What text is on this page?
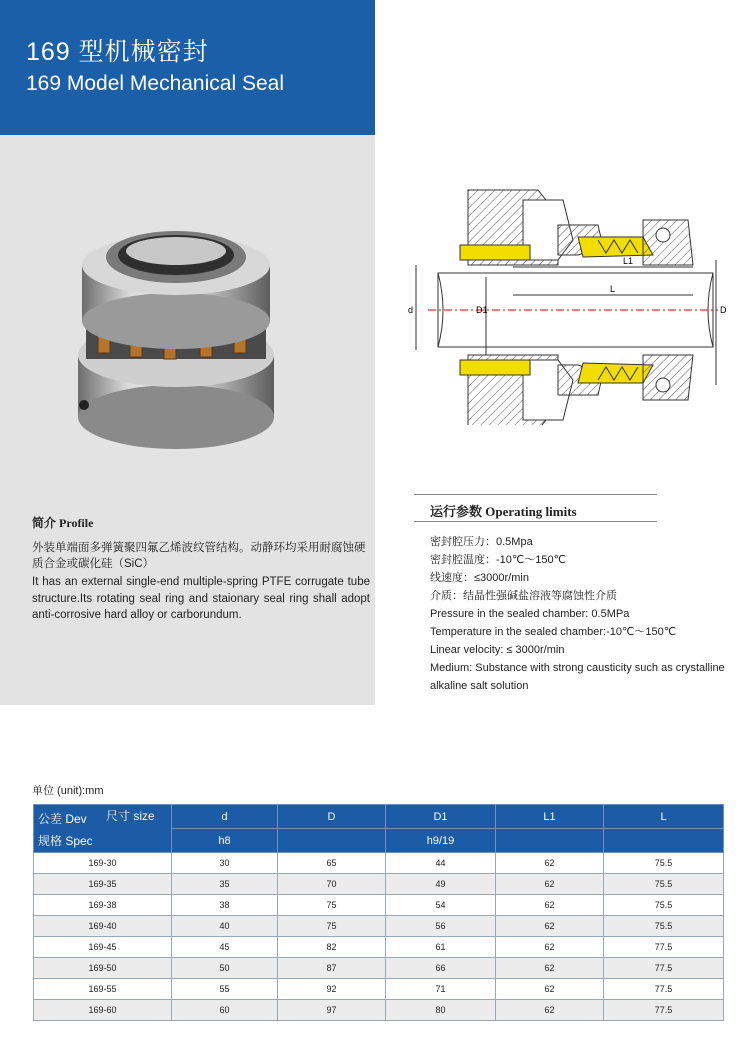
169 型机械密封
169 Model Mechanical Seal
简介 Profile
外装单端面多弹簧聚四氟乙烯波纹管结构。动静环均采用耐腐蚀硬质合金或碳化硅（SiC）
It has an external single-end multiple-spring PTFE corrugate tube structure.Its rotating seal ring and staionary seal ring shall adopt anti-corrosive hard alloy or carborundum.
d	D1
L1
L
D
运行参数 Operating limits
密封腔压力：0.5Mpa
密封腔温度：-10℃～150℃
线速度：≤3000r/min
介质：结晶性强碱盐溶液等腐蚀性介质
Pressure in the sealed chamber: 0.5MPa
Temperature in the sealed chamber:-10℃～150℃
Linear velocity: ≤ 3000r/min
Medium: Substance with strong causticity such as crystalline alkaline salt solution
单位 (unit):mm
公差 Dev 尺寸 size
规格 Spec	d	D	D1	L1	L
	h8		h9/19		
169-30	30	65	44	62	75.5
169-35	35	70	49	62	75.5
169-38	38	75	54	62	75.5
169-40	40	75	56	62	75.5
169-45	45	82	61	62	77.5
169-50	50	87	66	62	77.5
169-55	55	92	71	62	77.5
169-60	60	97	80	62	77.5
